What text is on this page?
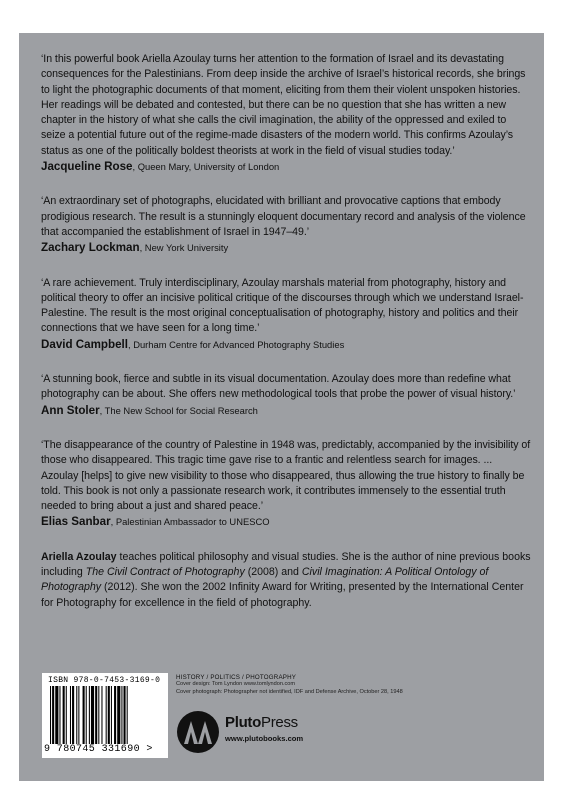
‘In this powerful book Ariella Azoulay turns her attention to the formation of Israel and its devastating consequences for the Palestinians. From deep inside the archive of Israel’s historical records, she brings to light the photographic documents of that moment, eliciting from them their violent unspoken histories. Her readings will be debated and contested, but there can be no question that she has written a new chapter in the history of what she calls the civil imagination, the ability of the oppressed and exiled to seize a potential future out of the regime-made disasters of the modern world. This confirms Azoulay’s status as one of the politically boldest theorists at work in the field of visual studies today.’

Jacqueline Rose, Queen Mary, University of London

‘An extraordinary set of photographs, elucidated with brilliant and provocative captions that embody prodigious research. The result is a stunningly eloquent documentary record and analysis of the violence that accompanied the establishment of Israel in 1947–49.’

Zachary Lockman, New York University

‘A rare achievement. Truly interdisciplinary, Azoulay marshals material from photography, history and political theory to offer an incisive political critique of the discourses through which we understand Israel-Palestine. The result is the most original conceptualisation of photography, history and politics and their connections that we have seen for a long time.’

David Campbell, Durham Centre for Advanced Photography Studies

‘A stunning book, fierce and subtle in its visual documentation. Azoulay does more than redefine what photography can be about. She offers new methodological tools that probe the power of visual history.’

Ann Stoler, The New School for Social Research

‘The disappearance of the country of Palestine in 1948 was, predictably, accompanied by the invisibility of those who disappeared. This tragic time gave rise to a frantic and relentless search for images. ... Azoulay [helps] to give new visibility to those who disappeared, thus allowing the true history to finally be told. This book is not only a passionate research work, it contributes immensely to the essential truth needed to bring about a just and shared peace.’

Elias Sanbar, Palestinian Ambassador to UNESCO

Ariella Azoulay teaches political philosophy and visual studies. She is the author of nine previous books including The Civil Contract of Photography (2008) and Civil Imagination: A Political Ontology of Photography (2012). She won the 2002 Infinity Award for Writing, presented by the International Center for Photography for excellence in the field of photography.

ISBN 978-0-7453-3169-0
9 780745 331690 >
HISTORY / POLITICS / PHOTOGRAPHY
Cover design: Tom Lyndon www.tomlyndon.com
Cover photograph: Photographer not identified, IDF and Defense Archive, October 28, 1948
PlutoPress
www.plutobooks.com
